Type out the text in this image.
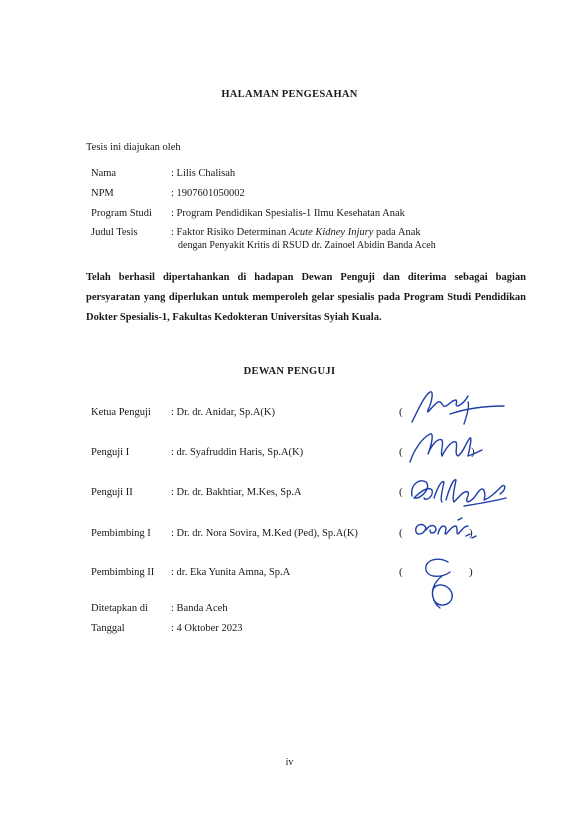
HALAMAN PENGESAHAN
Tesis ini diajukan oleh
Nama	: Lilis Chalisah
NPM	: 1907601050002
Program Studi : Program Pendidikan Spesialis-1 Ilmu Kesehatan Anak
Judul Tesis	: Faktor Risiko Determinan Acute Kidney Injury pada Anak
dengan Penyakit Kritis di RSUD dr. Zainoel Abidin Banda Aceh
Telah berhasil dipertahankan di hadapan Dewan Penguji dan diterima sebagai bagian persyaratan yang diperlukan untuk memperoleh gelar spesialis pada Program Studi Pendidikan Dokter Spesialis-1, Fakultas Kedokteran Universitas Syiah Kuala.
DEWAN PENGUJI
Ketua Penguji : Dr. dr. Anidar, Sp.A(K)	(
Penguji I	: dr. Syafruddin Haris, Sp.A(K)	(	)
Penguji II	: Dr. dr. Bakhtiar, M.Kes, Sp.A	(
Pembimbing I : Dr. dr. Nora Sovira, M.Ked (Ped), Sp.A(K)	(	)
Pembimbing II : dr. Eka Yunita Amna, Sp.A	(	)
Ditetapkan di : Banda Aceh
Tanggal	: 4 Oktober 2023
iv
